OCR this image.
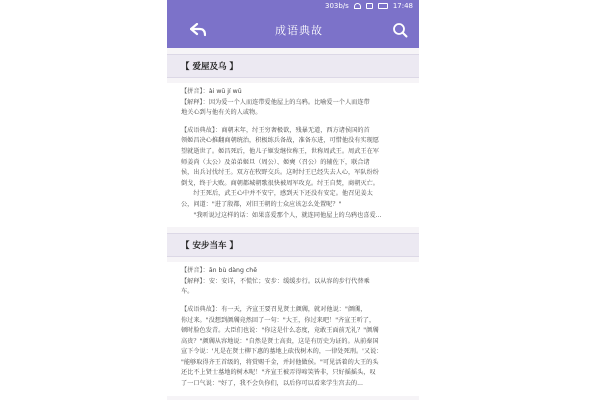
303b/s	17:48
成语典故
【 爱屋及乌 】

【拼音】：ài wū jí wū

【解释】：因为爱一个人而连带爱他屋上的乌鸦。比喻爱一个人而连带

地关心到与他有关的人或物。

【成语典故】：商朝末年，纣王穷奢极欲，残暴无道，西方诸侯国的首

领姬昌决心推翻商朝统治，积极练兵备战，准备东进，可惜他没有实现愿

望就逝世了。姬昌死后，他儿子姬发继位称王，世称周武王。周武王在军

师姜尚（太公）及弟弟姬旦（周公）、姬奭（召公）的辅佐下，联合诸

侯，出兵讨伐纣王。双方在牧野交兵。这时纣王已经失去人心，军队纷纷

倒戈，终于大败。商朝都城朝歌很快被周军攻克。纣王自焚，商朝灭亡。

纣王死后，武王心中并不安宁，感到天下还没有安定。他召见姜太

公，问道："进了殷都，对旧王朝的士众应该怎么处置呢？"

"我听说过这样的话：如果喜爱那个人，就连同他屋上的乌鸦也喜爱...

【 安步当车 】

【拼音】：ān bù dàng chē

【解释】：安：安详，不慌忙；安步：缓缓步行。以从容的步行代替乘

车。

【成语典故】：有一天，齐宣王要召见贤士颜斶，就对他说："颜斶，

你过来。"没想到颜斶竟然回了一句："大王，你过来吧！"齐宣王听了，

顿时脸色发青。大臣们也说："你这是什么态度，竟敢王面前无礼？"颜斶

高贵？"颜斶从容地说："自然是贤士高贵，这是有历史为证的。从前秦国

宣下令说：'凡是在贤士柳下惠的墓地上砍伐树木的，一律处死刑。'又说：

"能够取得齐王首级的，将赏赐千金，并封他做侯。"可见活着的大王的头

还比不上贤士墓地的树木呢！"齐宣王被弄得啼笑皆非，只好摇摇头，叹

了一口气说："好了，我不会负你们，以后你可以看来学生宫去的...
